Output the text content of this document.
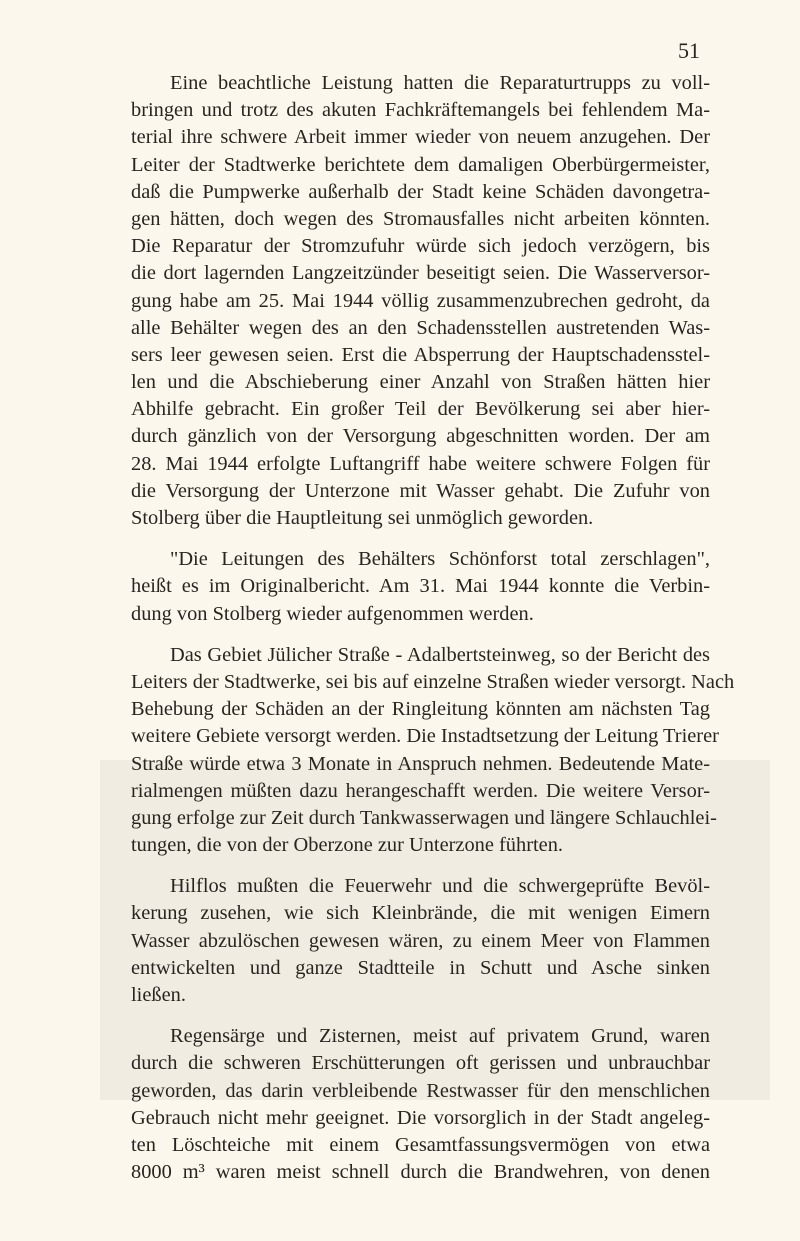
51
Eine beachtliche Leistung hatten die Reparaturtrupps zu voll-
bringen und trotz des akuten Fachkräftemangels bei fehlendem Ma-
terial ihre schwere Arbeit immer wieder von neuem anzugehen. Der
Leiter der Stadtwerke berichtete dem damaligen Oberbürgermeister,
daß die Pumpwerke außerhalb der Stadt keine Schäden davongetra-
gen hätten, doch wegen des Stromausfalles nicht arbeiten könnten.
Die Reparatur der Stromzufuhr würde sich jedoch verzögern, bis
die dort lagernden Langzeitzünder beseitigt seien. Die Wasserversor-
gung habe am 25. Mai 1944 völlig zusammenzubrechen gedroht, da
alle Behälter wegen des an den Schadensstellen austretenden Was-
sers leer gewesen seien. Erst die Absperrung der Hauptschadensstel-
len und die Abschieberung einer Anzahl von Straßen hätten hier
Abhilfe gebracht. Ein großer Teil der Bevölkerung sei aber hier-
durch gänzlich von der Versorgung abgeschnitten worden. Der am
28. Mai 1944 erfolgte Luftangriff habe weitere schwere Folgen für
die Versorgung der Unterzone mit Wasser gehabt. Die Zufuhr von
Stolberg über die Hauptleitung sei unmöglich geworden.
"Die Leitungen des Behälters Schönforst total zerschlagen",
heißt es im Originalbericht. Am 31. Mai 1944 konnte die Verbin-
dung von Stolberg wieder aufgenommen werden.
Das Gebiet Jülicher Straße - Adalbertsteinweg, so der Bericht des
Leiters der Stadtwerke, sei bis auf einzelne Straßen wieder versorgt. Nach
Behebung der Schäden an der Ringleitung könnten am nächsten Tag
weitere Gebiete versorgt werden. Die Instadtsetzung der Leitung Trierer
Straße würde etwa 3 Monate in Anspruch nehmen. Bedeutende Mate-
rialmengen müßten dazu herangeschafft werden. Die weitere Versor-
gung erfolge zur Zeit durch Tankwasserwagen und längere Schlauchlei-
tungen, die von der Oberzone zur Unterzone führten.
Hilflos mußten die Feuerwehr und die schwergeprüfte Bevöl-
kerung zusehen, wie sich Kleinbrände, die mit wenigen Eimern
Wasser abzulöschen gewesen wären, zu einem Meer von Flammen
entwickelten und ganze Stadtteile in Schutt und Asche sinken
ließen.
Regensärge und Zisternen, meist auf privatem Grund, waren
durch die schweren Erschütterungen oft gerissen und unbrauchbar
geworden, das darin verbleibende Restwasser für den menschlichen
Gebrauch nicht mehr geeignet. Die vorsorglich in der Stadt angeleg-
ten Löschteiche mit einem Gesamtfassungsvermögen von etwa
8000 m³ waren meist schnell durch die Brandwehren, von denen
